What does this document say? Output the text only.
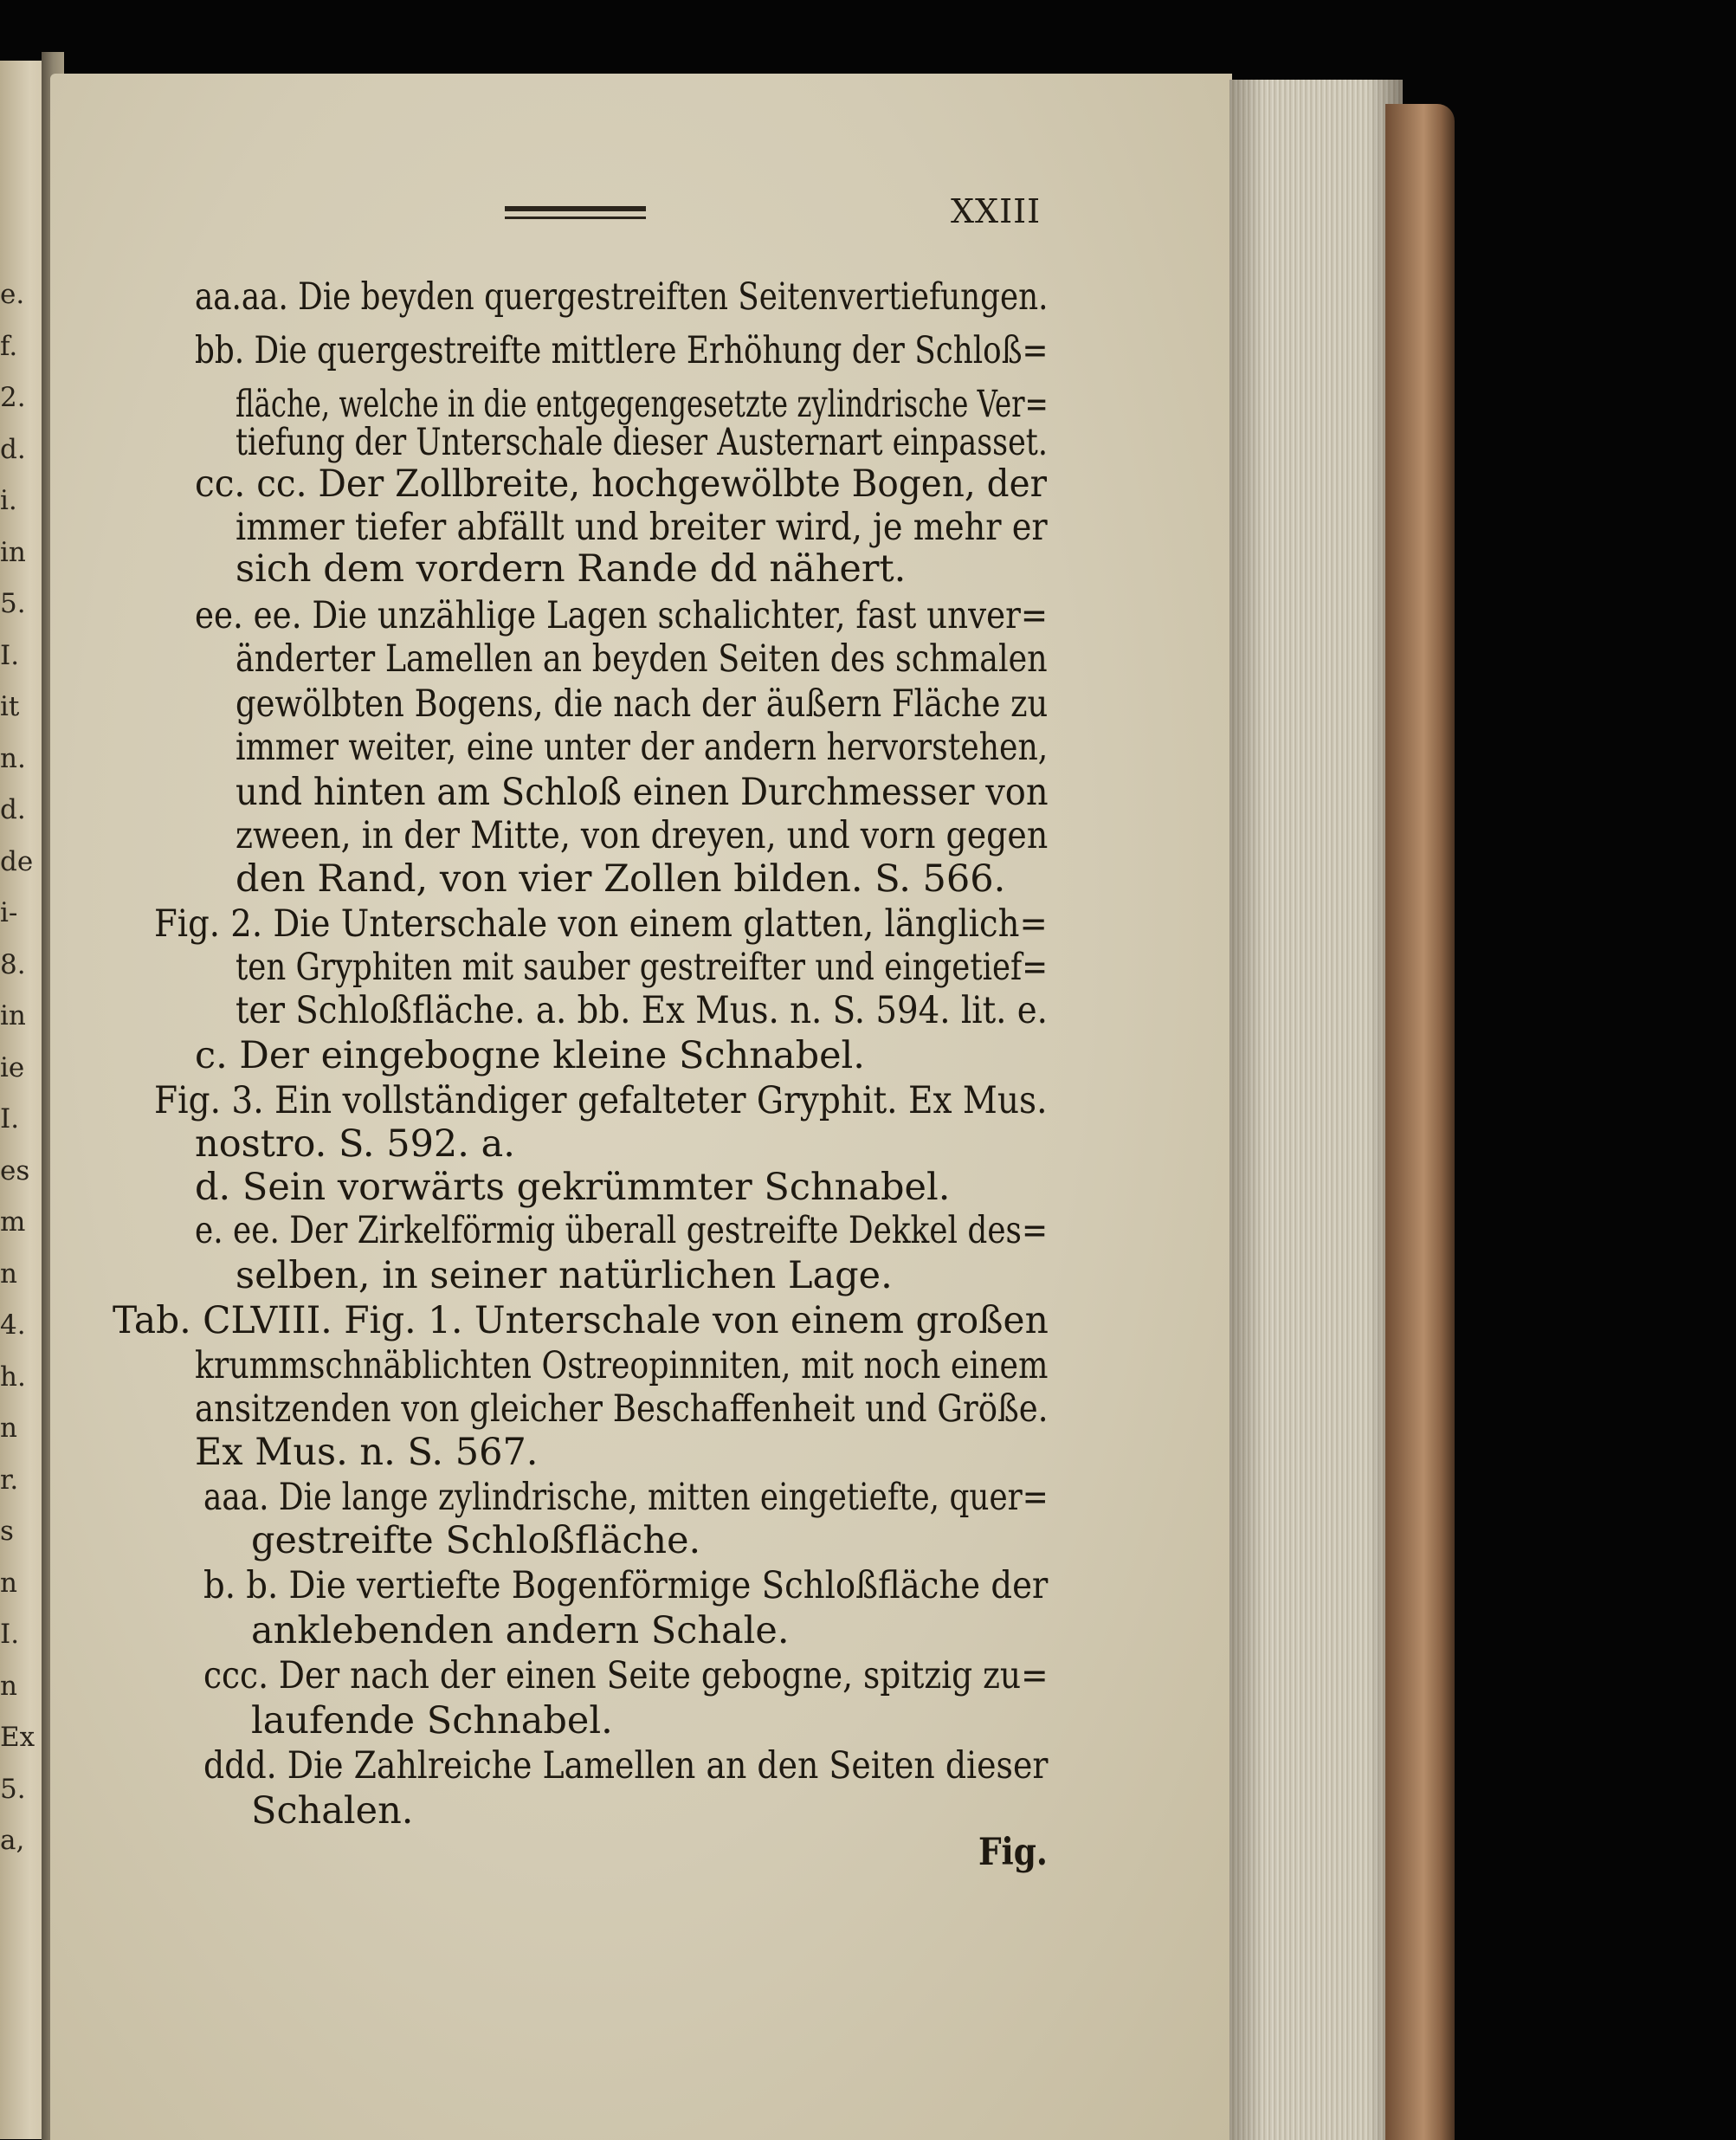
e.
f.
2.
d.
i.
in
5.
I.
it
n.
d.
de
i-
8.
in
ie
I.
es
m
n
4.
h.
n
r.
s
n
I.
n
Ex
5.
a,
XXIII
aa.aa. Die beyden quergestreiften Seitenvertiefungen.
bb. Die quergestreifte mittlere Erhöhung der Schloß=
fläche, welche in die entgegengesetzte zylindrische Ver=
tiefung der Unterschale dieser Austernart einpasset.
cc. cc. Der Zollbreite, hochgewölbte Bogen, der
immer tiefer abfällt und breiter wird, je mehr er
sich dem vordern Rande dd nähert.
ee. ee. Die unzählige Lagen schalichter, fast unver=
änderter Lamellen an beyden Seiten des schmalen
gewölbten Bogens, die nach der äußern Fläche zu
immer weiter, eine unter der andern hervorstehen,
und hinten am Schloß einen Durchmesser von
zween, in der Mitte, von dreyen, und vorn gegen
den Rand, von vier Zollen bilden. S. 566.
Fig. 2. Die Unterschale von einem glatten, länglich=
ten Gryphiten mit sauber gestreifter und eingetief=
ter Schloßfläche. a. bb. Ex Mus. n. S. 594. lit. e.
c. Der eingebogne kleine Schnabel.
Fig. 3. Ein vollständiger gefalteter Gryphit. Ex Mus.
nostro. S. 592. a.
d. Sein vorwärts gekrümmter Schnabel.
e. ee. Der Zirkelförmig überall gestreifte Dekkel des=
selben, in seiner natürlichen Lage.
Tab. CLVIII. Fig. 1. Unterschale von einem großen
krummschnäblichten Ostreopinniten, mit noch einem
ansitzenden von gleicher Beschaffenheit und Größe.
Ex Mus. n. S. 567.
aaa. Die lange zylindrische, mitten eingetiefte, quer=
gestreifte Schloßfläche.
b. b. Die vertiefte Bogenförmige Schloßfläche der
anklebenden andern Schale.
ccc. Der nach der einen Seite gebogne, spitzig zu=
laufende Schnabel.
ddd. Die Zahlreiche Lamellen an den Seiten dieser
Schalen.
Fig.
